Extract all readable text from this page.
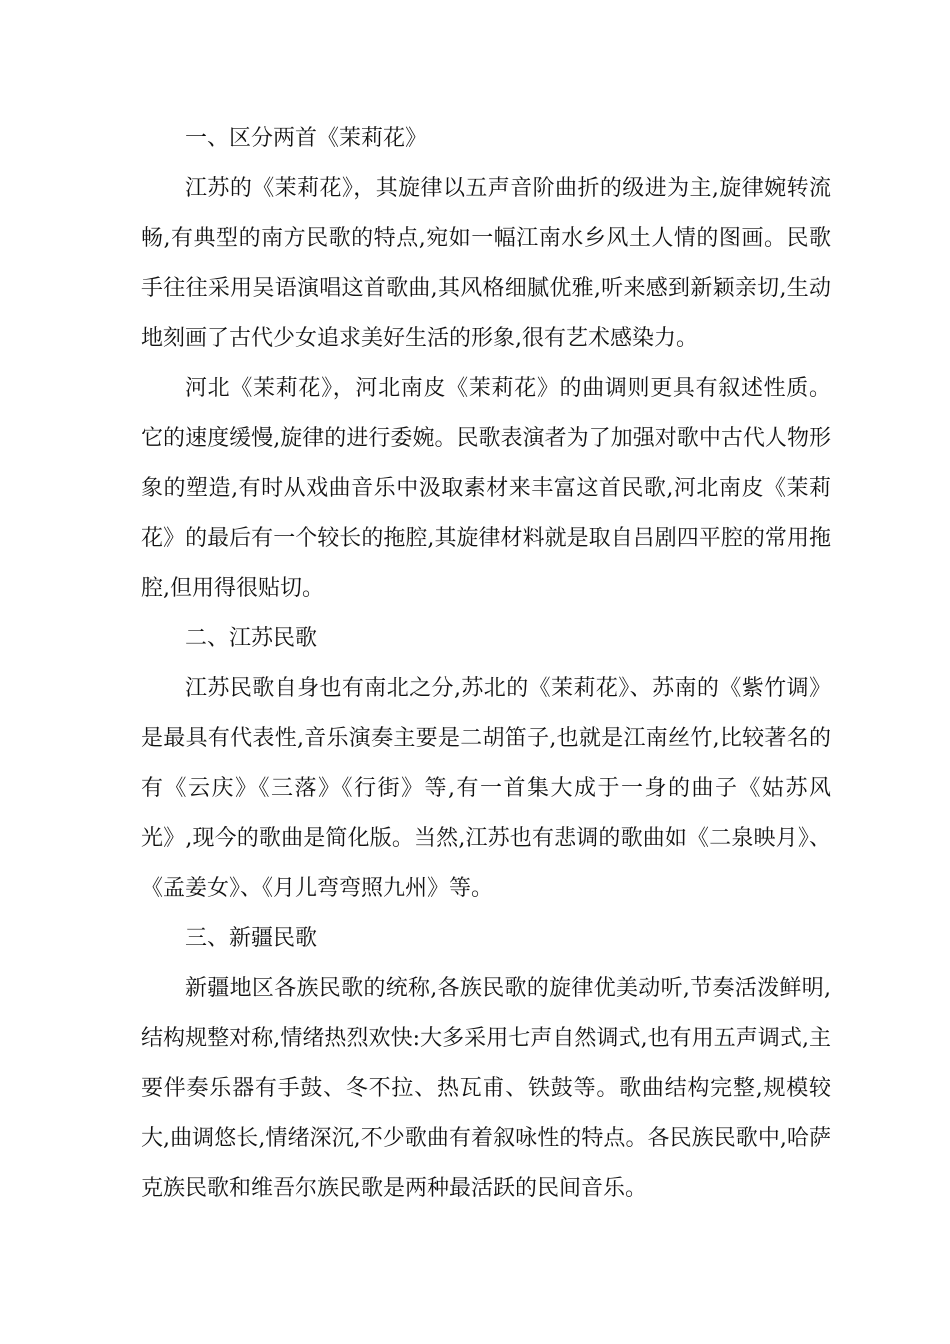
一、区分两首《茉莉花》

江苏的《茉莉花》，其旋律以五声音阶曲折的级进为主,旋律婉转流畅,有典型的南方民歌的特点,宛如一幅江南水乡风土人情的图画。民歌手往往采用吴语演唱这首歌曲,其风格细腻优雅,听来感到新颖亲切,生动地刻画了古代少女追求美好生活的形象,很有艺术感染力。

河北《茉莉花》，河北南皮《茉莉花》的曲调则更具有叙述性质。它的速度缓慢,旋律的进行委婉。民歌表演者为了加强对歌中古代人物形象的塑造,有时从戏曲音乐中汲取素材来丰富这首民歌,河北南皮《茉莉花》的最后有一个较长的拖腔,其旋律材料就是取自吕剧四平腔的常用拖腔,但用得很贴切。

二、江苏民歌

江苏民歌自身也有南北之分,苏北的《茉莉花》、苏南的《紫竹调》是最具有代表性,音乐演奏主要是二胡笛子,也就是江南丝竹,比较著名的有《云庆》《三落》《行街》等,有一首集大成于一身的曲子《姑苏风光》,现今的歌曲是简化版。当然,江苏也有悲调的歌曲如《二泉映月》、《孟姜女》、《月儿弯弯照九州》等。

三、新疆民歌

新疆地区各族民歌的统称,各族民歌的旋律优美动听,节奏活泼鲜明,结构规整对称,情绪热烈欢快:大多采用七声自然调式,也有用五声调式,主要伴奏乐器有手鼓、冬不拉、热瓦甫、铁鼓等。歌曲结构完整,规模较大,曲调悠长,情绪深沉,不少歌曲有着叙咏性的特点。各民族民歌中,哈萨克族民歌和维吾尔族民歌是两种最活跃的民间音乐。
